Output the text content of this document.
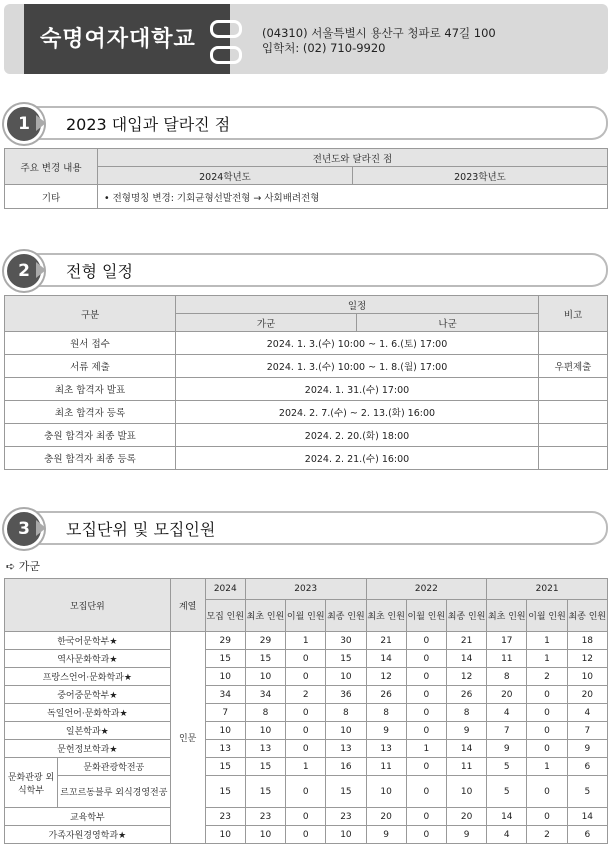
숙명여자대학교	(04310) 서울특별시 용산구 청파로 47길 100
입학처: (02) 710-9920
1	2023 대입과 달라진 점
주요 변경 내용	전년도와 달라진 점	
	2024학년도	2023학년도
기타	• 전형명칭 변경: 기회균형선발전형 → 사회배려전형	
2	전형 일정
구분	일정		비고
	가군	나군	
원서 접수	2024. 1. 3.(수) 10:00 ~ 1. 6.(토) 17:00		
서류 제출	2024. 1. 3.(수) 10:00 ~ 1. 8.(월) 17:00		우편제출
최초 합격자 발표	2024. 1. 31.(수) 17:00		
최초 합격자 등록	2024. 2. 7.(수) ~ 2. 13.(화) 16:00		
충원 합격자 최종 발표	2024. 2. 20.(화) 18:00		
충원 합격자 최종 등록	2024. 2. 21.(수) 16:00		
3	모집단위 및 모집인원
➪ 가군
모집단위		계열	2024	2023			2022			2021		
			모집 인원	최초 인원	이월 인원	최종 인원	최초 인원	이월 인원	최종 인원	최초 인원	이월 인원	최종 인원
한국어문학부★		인문	29	29	1	30	21	0	21	17	1	18
역사문화학과★			15	15	0	15	14	0	14	11	1	12
프랑스언어·문화학과★			10	10	0	10	12	0	12	8	2	10
중어중문학부★			34	34	2	36	26	0	26	20	0	20
독일언어·문화학과★			7	8	0	8	8	0	8	4	0	4
일본학과★			10	10	0	10	9	0	9	7	0	7
문헌정보학과★			13	13	0	13	13	1	14	9	0	9
문화관광 외식학부	문화관광학전공		15	15	1	16	11	0	11	5	1	6
	르꼬르동블루 외식경영전공		15	15	0	15	10	0	10	5	0	5
교육학부			23	23	0	23	20	0	20	14	0	14
가족자원경영학과★			10	10	0	10	9	0	9	4	2	6
